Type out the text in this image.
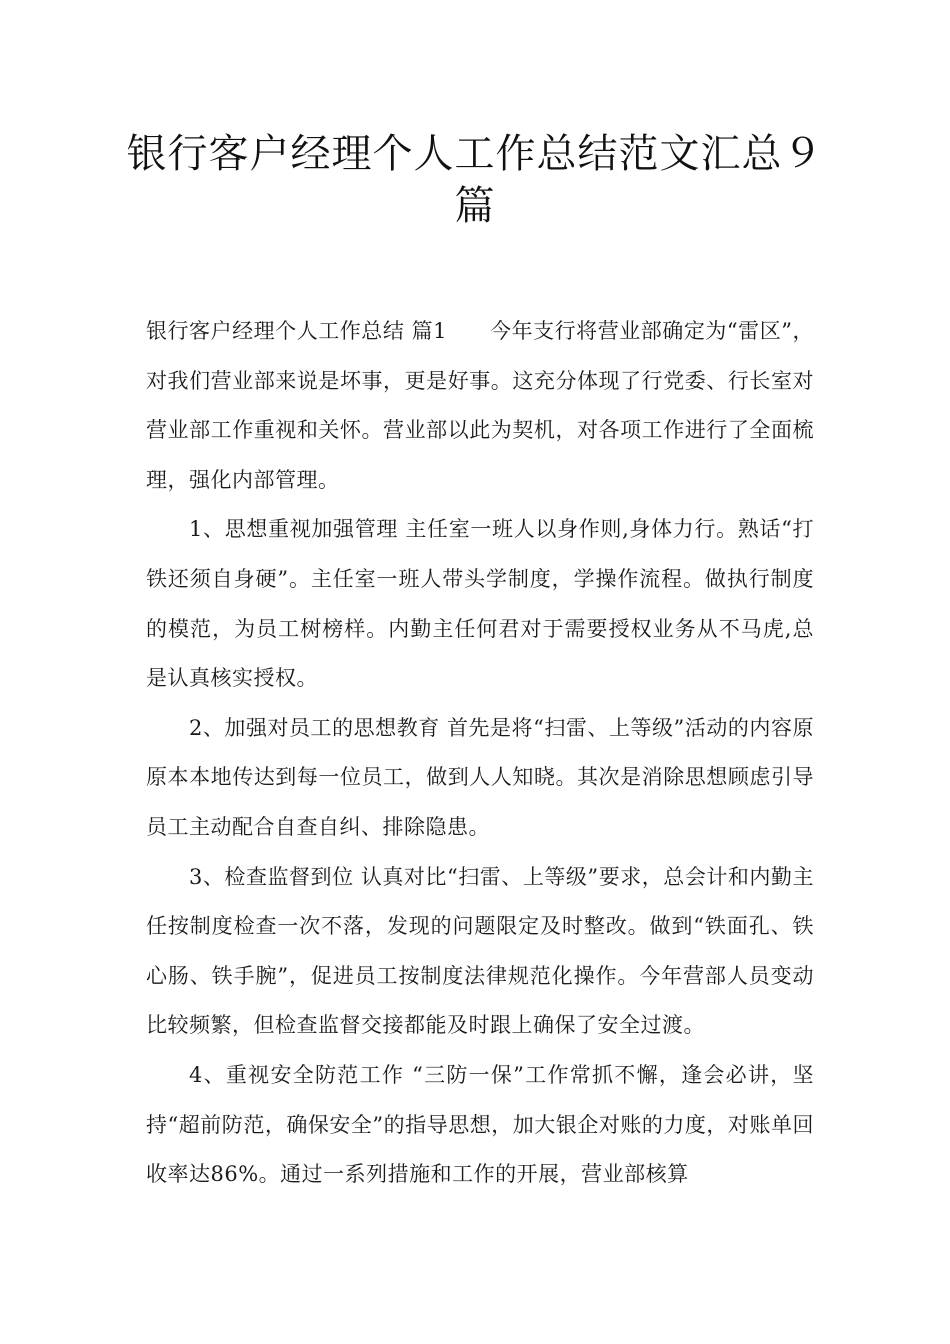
银行客户经理个人工作总结范文汇总９
篇

银行客户经理个人工作总结 篇1　　今年支行将营业部确定为“雷区”，对我们营业部来说是坏事，更是好事。这充分体现了行党委、行长室对营业部工作重视和关怀。营业部以此为契机，对各项工作进行了全面梳理，强化内部管理。

1、思想重视加强管理 主任室一班人以身作则,身体力行。熟话“打铁还须自身硬”。主任室一班人带头学制度，学操作流程。做执行制度的模范，为员工树榜样。内勤主任何君对于需要授权业务从不马虎,总是认真核实授权。

2、加强对员工的思想教育 首先是将“扫雷、上等级”活动的内容原原本本地传达到每一位员工，做到人人知晓。其次是消除思想顾虑引导员工主动配合自查自纠、排除隐患。

3、检查监督到位 认真对比“扫雷、上等级”要求，总会计和内勤主任按制度检查一次不落，发现的问题限定及时整改。做到“铁面孔、铁心肠、铁手腕”，促进员工按制度法律规范化操作。今年营部人员变动比较频繁，但检查监督交接都能及时跟上确保了安全过渡。

4、重视安全防范工作 “三防一保”工作常抓不懈，逢会必讲，坚持“超前防范，确保安全”的指导思想，加大银企对账的力度，对账单回收率达86%。通过一系列措施和工作的开展，营业部核算
